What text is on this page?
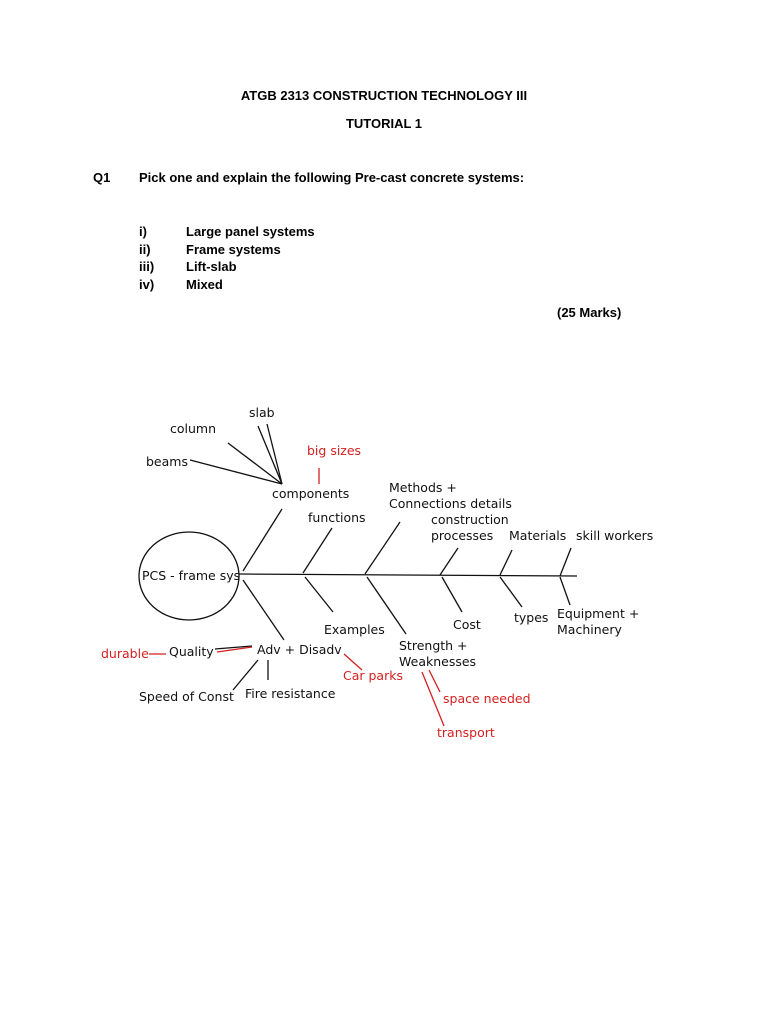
ATGB 2313 CONSTRUCTION TECHNOLOGY III
TUTORIAL 1
Q1 Pick one and explain the following Pre-cast concrete systems:
i)	Large panel systems
ii)	Frame systems
iii) Lift-slab
iv) Mixed
(25 Marks)
PCS - frame sys
slab
column
beams
components
big sizes
functions
Methods +
Connections details
construction
processes Materials skill workers
Adv + Disadv
Quality
durable
Speed of Const Fire resistance
Examples
Car parks
Strength +
Weaknesses
space needed
transport
Cost	types Equipment +
Machinery
